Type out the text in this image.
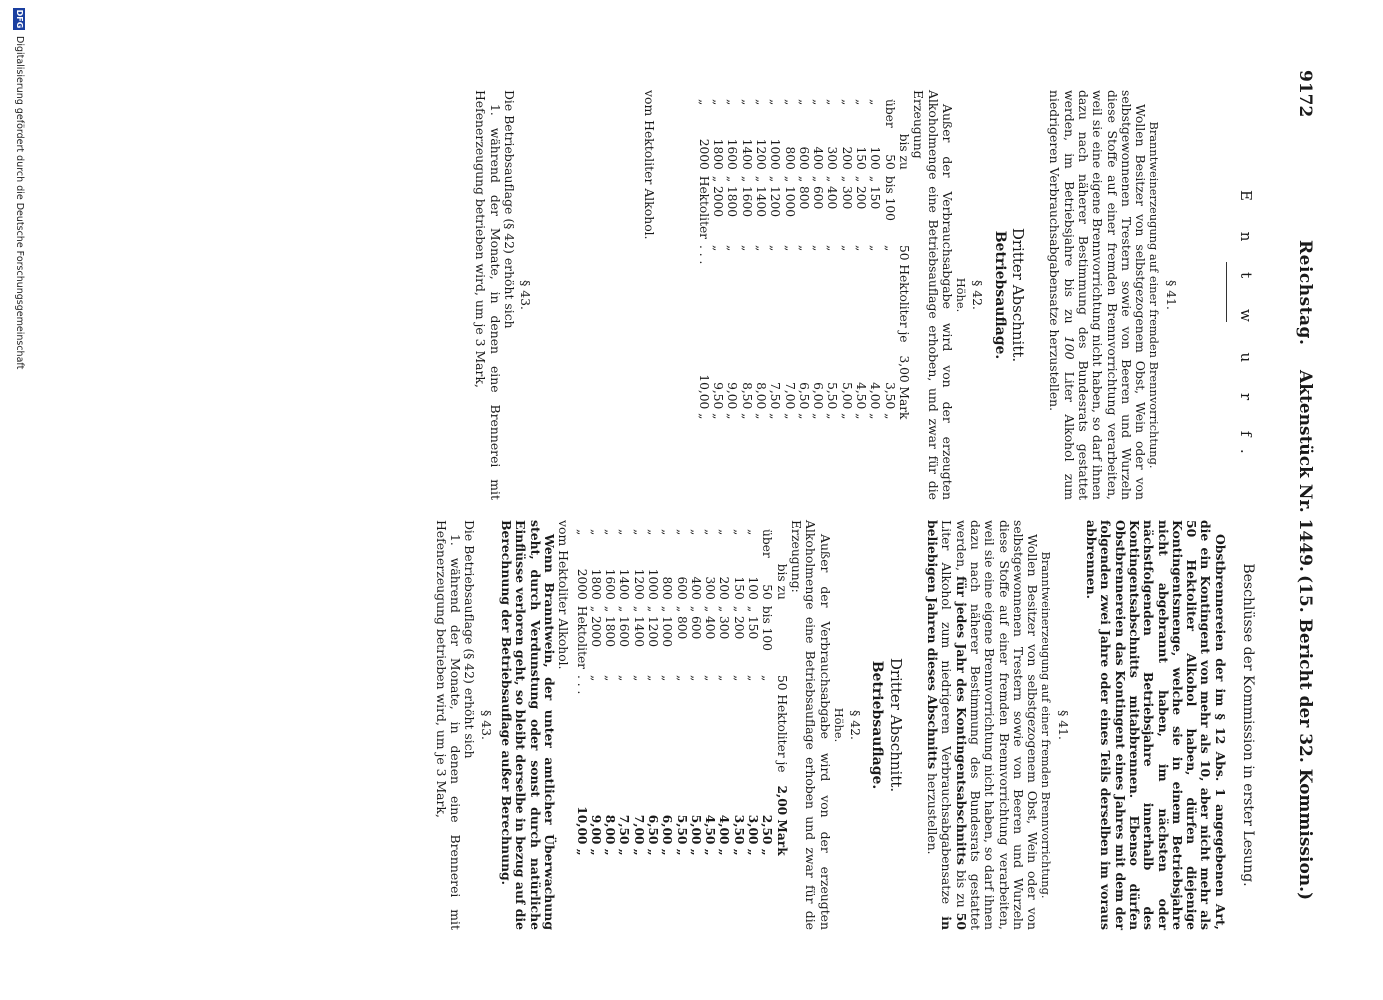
9172
Reichstag.
Aktenstück Nr. 1449.
(15. Bericht der 32. Kommission.)
E n t w u r f.
§ 41.
Branntweinerzeugung auf einer fremden Brennvorrichtung.

Wollen Besitzer von selbstgezogenem Obst, Wein oder von selbstgewonnenen Trestern sowie von Beeren und Wurzeln diese Stoffe auf einer fremden Brennvorrichtung verarbeiten, weil sie eine eigene Brennvorrichtung nicht haben, so darf ihnen dazu nach näherer Bestimmung des Bundesrats gestattet werden, im Betriebsjahre bis zu 100 Liter Alkohol zum niedrigeren Verbrauchsabgabensatze herzustellen.

Dritter Abschnitt.
Betriebsauflage.
§ 42.
Höhe.

Außer der Verbrauchsabgabe wird von der erzeugten Alkoholmenge eine Betriebsauflage erhoben, und zwar für die Erzeugung

	bis zu		50 Hektoliter je	3,00 Mark
über	50	bis 100	„	3,50 „
„	100	„ 150	„	4,00 „
„	150	„ 200	„	4,50 „
„	200	„ 300	„	5,00 „
„	300	„ 400	„	5,50 „
„	400	„ 600	„	6,00 „
„	600	„ 800	„	6,50 „
„	800	„ 1000	„	7,00 „
„	1000	„ 1200	„	7,50 „
„	1200	„ 1400	„	8,00 „
„	1400	„ 1600	„	8,50 „
„	1600	„ 1800	„	9,00 „
„	1800	„ 2000	„	9,50 „
„	2000	Hektoliter	. . .	10,00 „

vom Hektoliter Alkohol.

§ 43.

Die Betriebsauflage (§ 42) erhöht sich

1. während der Monate, in denen eine Brennerei mit Hefenerzeugung betrieben wird, um je 3 Mark,

Beschlüsse der Kommission in erster Lesung.

Obstbrennereien der im § 12 Abs. 1 angegebenen Art, die ein Kontingent von mehr als 10, aber nicht mehr als 50 Hektoliter Alkohol haben, dürfen diejenige Kontingentsmenge, welche sie in einem Betriebsjahre nicht abgebrannt haben, im nächsten oder nächstfolgenden Betriebsjahre innerhalb des Kontingentsabschnitts mitabbrennen. Ebenso dürfen Obstbrennereien das Kontingent eines Jahres mit dem der folgenden zwei Jahre oder eines Teils derselben im voraus abbrennen.

§ 41.
Branntweinerzeugung auf einer fremden Brennvorrichtung.

Wollen Besitzer von selbstgezogenem Obst, Wein oder von selbstgewonnenen Trestern sowie von Beeren und Wurzeln diese Stoffe auf einer fremden Brennvorrichtung verarbeiten, weil sie eine eigene Brennvorrichtung nicht haben, so darf ihnen dazu nach näherer Bestimmung des Bundesrats gestattet werden, für jedes Jahr des Kontingentsabschnitts bis zu 50 Liter Alkohol zum niedrigeren Verbrauchsabgabensatze in beliebigen Jahren dieses Abschnitts herzustellen.

Dritter Abschnitt.
Betriebsauflage.
§ 42.
Höhe.

Außer der Verbrauchsabgabe wird von der erzeugten Alkoholmenge eine Betriebsauflage erhoben und zwar für die Erzeugung:

	bis zu		50 Hektoliter je	2,00 Mark
über	50	bis 100	„	2,50 „
„	100	„ 150	„	3,00 „
„	150	„ 200	„	3,50 „
„	200	„ 300	„	4,00 „
„	300	„ 400	„	4,50 „
„	400	„ 600	„	5,00 „
„	600	„ 800	„	5,50 „
„	800	„ 1000	„	6,00 „
„	1000	„ 1200	„	6,50 „
„	1200	„ 1400	„	7,00 „
„	1400	„ 1600	„	7,50 „
„	1600	„ 1800	„	8,00 „
„	1800	„ 2000	„	9,00 „
„	2000	Hektoliter	. . .	10,00 „

vom Hektoliter Alkohol.

Wenn Branntwein, der unter amtlicher Überwachung steht, durch Verdunstung oder sonst durch natürliche Einflüsse verloren geht, so bleibt derselbe in bezug auf die Berechnung der Betriebsauflage außer Berechnung.

§ 43.

Die Betriebsauflage (§ 42) erhöht sich

1. während der Monate, in denen eine Brennerei mit Hefenerzeugung betrieben wird, um je 3 Mark,

DFG
Digitalisierung gefördert durch die Deutsche Forschungsgemeinschaft
